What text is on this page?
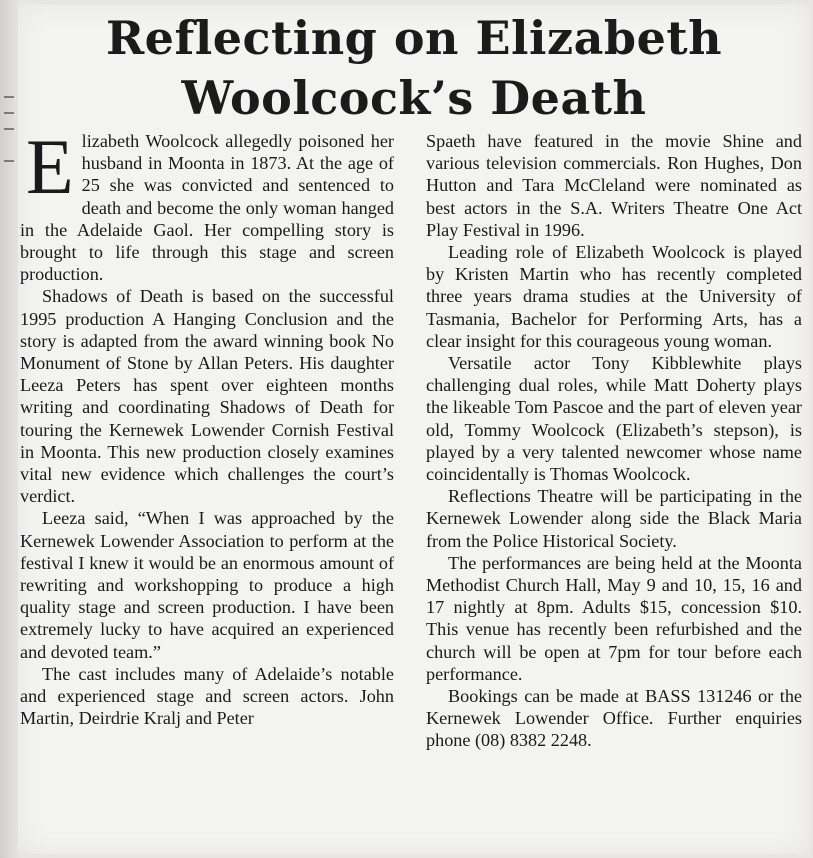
Reflecting on Elizabeth
Woolcock’s Death

Elizabeth Woolcock allegedly poisoned her husband in Moonta in 1873. At the age of 25 she was convicted and sentenced to death and become the only woman hanged in the Adelaide Gaol. Her compelling story is brought to life through this stage and screen production.

Shadows of Death is based on the successful 1995 production A Hanging Conclusion and the story is adapted from the award winning book No Monument of Stone by Allan Peters. His daughter Leeza Peters has spent over eighteen months writing and coordinating Shadows of Death for touring the Kernewek Lowender Cornish Festival in Moonta. This new production closely examines vital new evidence which challenges the court’s verdict.

Leeza said, “When I was approached by the Kernewek Lowender Association to perform at the festival I knew it would be an enormous amount of rewriting and workshopping to produce a high quality stage and screen production. I have been extremely lucky to have acquired an experienced and devoted team.”

The cast includes many of Adelaide’s notable and experienced stage and screen actors. John Martin, Deirdrie Kralj and Peter

Spaeth have featured in the movie Shine and various television commercials. Ron Hughes, Don Hutton and Tara McCleland were nominated as best actors in the S.A. Writers Theatre One Act Play Festival in 1996.

Leading role of Elizabeth Woolcock is played by Kristen Martin who has recently completed three years drama studies at the University of Tasmania, Bachelor for Performing Arts, has a clear insight for this courageous young woman.

Versatile actor Tony Kibblewhite plays challenging dual roles, while Matt Doherty plays the likeable Tom Pascoe and the part of eleven year old, Tommy Woolcock (Elizabeth’s stepson), is played by a very talented newcomer whose name coincidentally is Thomas Woolcock.

Reflections Theatre will be participating in the Kernewek Lowender along side the Black Maria from the Police Historical Society.

The performances are being held at the Moonta Methodist Church Hall, May 9 and 10, 15, 16 and 17 nightly at 8pm. Adults $15, concession $10. This venue has recently been refurbished and the church will be open at 7pm for tour before each performance.

Bookings can be made at BASS 131246 or the Kernewek Lowender Office. Further enquiries phone (08) 8382 2248.
